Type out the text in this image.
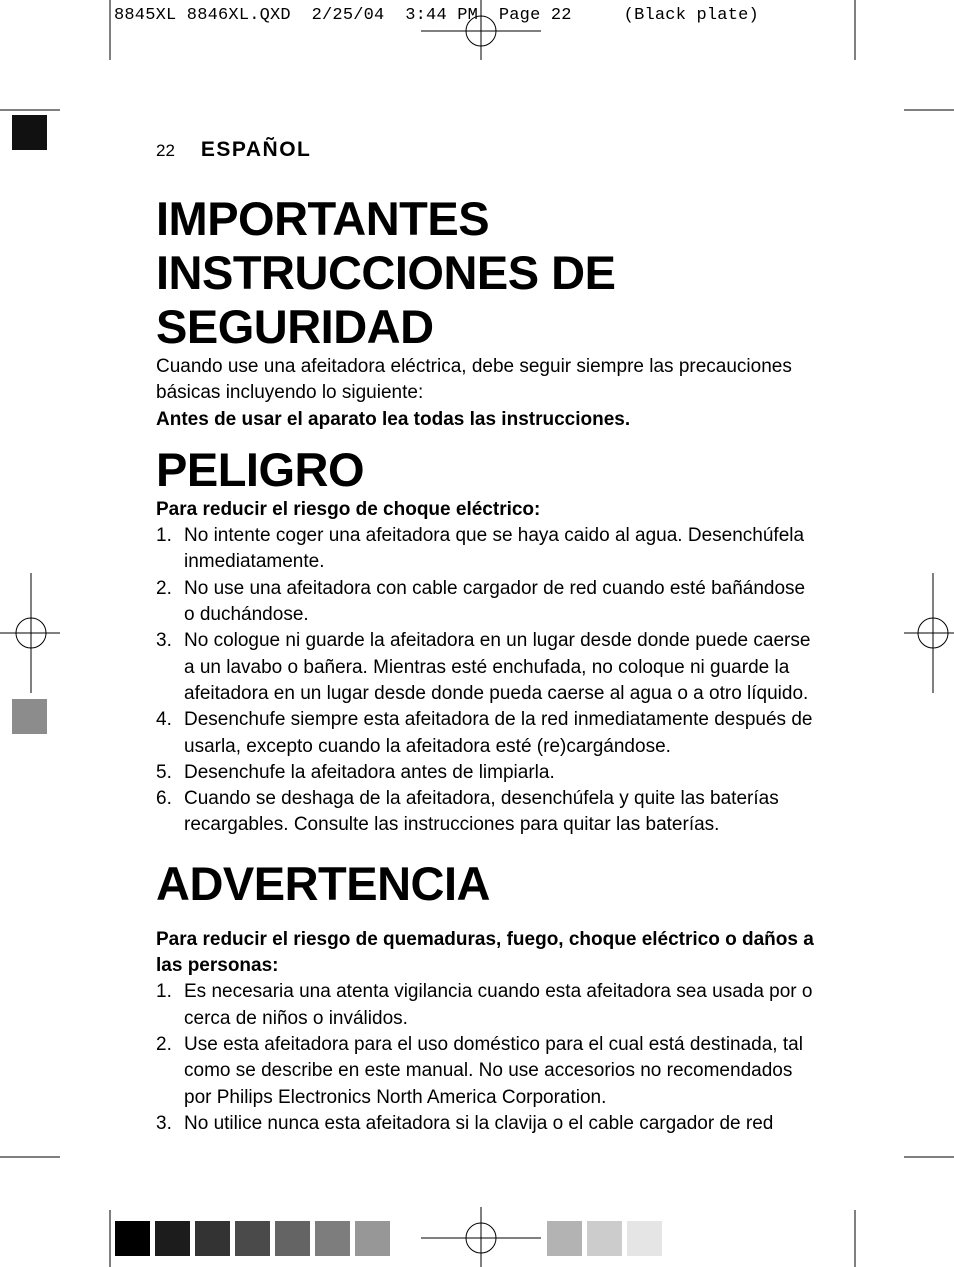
8845XL 8846XL.QXD  2/25/04  3:44 PM  Page 22     (Black plate)
22 ESPAÑOL
IMPORTANTES INSTRUCCIONES DE SEGURIDAD

Cuando use una afeitadora eléctrica, debe seguir siempre las precauciones básicas incluyendo lo siguiente:

Antes de usar el aparato lea todas las instrucciones.

PELIGRO

Para reducir el riesgo de choque eléctrico:

1. No intente coger una afeitadora que se haya caido al agua. Desenchúfela inmediatamente.
2. No use una afeitadora con cable cargador de red cuando esté bañándose o duchándose.
3. No cologue ni guarde la afeitadora en un lugar desde donde puede caerse a un lavabo o bañera. Mientras esté enchufada, no coloque ni guarde la afeitadora en un lugar desde donde pueda caerse al agua o a otro líquido.
4. Desenchufe siempre esta afeitadora de la red inmediatamente después de usarla, excepto cuando la afeitadora esté (re)cargándose.
5. Desenchufe la afeitadora antes de limpiarla.
6. Cuando se deshaga de la afeitadora, desenchúfela y quite las baterías recargables. Consulte las instrucciones para quitar las baterías.
ADVERTENCIA

Para reducir el riesgo de quemaduras, fuego, choque eléctrico o daños a las personas:

1. Es necesaria una atenta vigilancia cuando esta afeitadora sea usada por o cerca de niños o inválidos.
2. Use esta afeitadora para el uso doméstico para el cual está destinada, tal como se describe en este manual. No use accesorios no recomendados por Philips Electronics North America Corporation.
3. No utilice nunca esta afeitadora si la clavija o el cable cargador de red
